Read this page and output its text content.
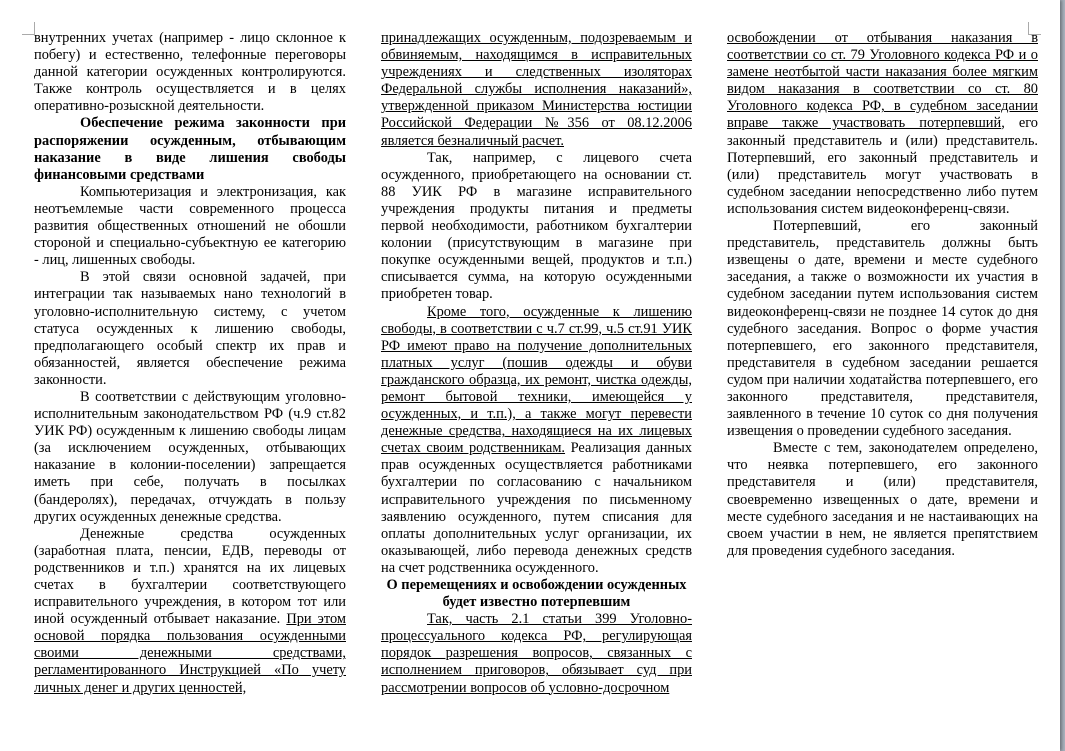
внутренних учетах (например - лицо склонное к побегу) и естественно, телефонные переговоры данной категории осужденных контролируются. Также контроль осуществляется и в целях оперативно-розыскной деятельности.

Обеспечение режима законности при распоряжении осужденным, отбывающим наказание в виде лишения свободы финансовыми средствами

Компьютеризация и электронизация, как неотъемлемые части современного процесса развития общественных отношений не обошли стороной и специально-субъектную ее категорию - лиц, лишенных свободы.

В этой связи основной задачей, при интеграции так называемых нано технологий в уголовно-исполнительную систему, с учетом статуса осужденных к лишению свободы, предполагающего особый спектр их прав и обязанностей, является обеспечение режима законности.

В соответствии с действующим уголовно-исполнительным законодательством РФ (ч.9 ст.82 УИК РФ) осужденным к лишению свободы лицам (за исключением осужденных, отбывающих наказание в колонии-поселении) запрещается иметь при себе, получать в посылках (бандеролях), передачах, отчуждать в пользу других осужденных денежные средства.

Денежные средства осужденных (заработная плата, пенсии, ЕДВ, переводы от родственников и т.п.) хранятся на их лицевых счетах в бухгалтерии соответствующего исправительного учреждения, в котором тот или иной осужденный отбывает наказание. При этом основой порядка пользования осужденными своими денежными средствами, регламентированного Инструкцией «По учету личных денег и других ценностей,

принадлежащих осужденным, подозреваемым и обвиняемым, находящимся в исправительных учреждениях и следственных изоляторах Федеральной службы исполнения наказаний», утвержденной приказом Министерства юстиции Российской Федерации №356 от 08.12.2006 является безналичный расчет.

Так, например, с лицевого счета осужденного, приобретающего на основании ст. 88 УИК РФ в магазине исправительного учреждения продукты питания и предметы первой необходимости, работником бухгалтерии колонии (присутствующим в магазине при покупке осужденными вещей, продуктов и т.п.) списывается сумма, на которую осужденными приобретен товар.

Кроме того, осужденные к лишению свободы, в соответствии с ч.7 ст.99, ч.5 ст.91 УИК РФ имеют право на получение дополнительных платных услуг (пошив одежды и обуви гражданского образца, их ремонт, чистка одежды, ремонт бытовой техники, имеющейся у осужденных, и т.п.), а также могут перевести денежные средства, находящиеся на их лицевых счетах своим родственникам. Реализация данных прав осужденных осуществляется работниками бухгалтерии по согласованию с начальником исправительного учреждения по письменному заявлению осужденного, путем списания для оплаты дополнительных услуг организации, их оказывающей, либо перевода денежных средств на счет родственника осужденного.

О перемещениях и освобождении осужденных будет известно потерпевшим

Так, часть 2.1 статьи 399 Уголовно-процессуального кодекса РФ, регулирующая порядок разрешения вопросов, связанных с исполнением приговоров, обязывает суд при рассмотрении вопросов об условно-досрочном

освобождении от отбывания наказания в соответствии со ст. 79 Уголовного кодекса РФ и о замене неотбытой части наказания более мягким видом наказания в соответствии со ст. 80 Уголовного кодекса РФ, в судебном заседании вправе также участвовать потерпевший, его законный представитель и (или) представитель. Потерпевший, его законный представитель и (или) представитель могут участвовать в судебном заседании непосредственно либо путем использования систем видеоконференц-связи.

Потерпевший, его законный представитель, представитель должны быть извещены о дате, времени и месте судебного заседания, а также о возможности их участия в судебном заседании путем использования систем видеоконференц-связи не позднее 14 суток до дня судебного заседания. Вопрос о форме участия потерпевшего, его законного представителя, представителя в судебном заседании решается судом при наличии ходатайства потерпевшего, его законного представителя, представителя, заявленного в течение 10 суток со дня получения извещения о проведении судебного заседания.

Вместе с тем, законодателем определено, что неявка потерпевшего, его законного представителя и (или) представителя, своевременно извещенных о дате, времени и месте судебного заседания и не настаивающих на своем участии в нем, не является препятствием для проведения судебного заседания.
